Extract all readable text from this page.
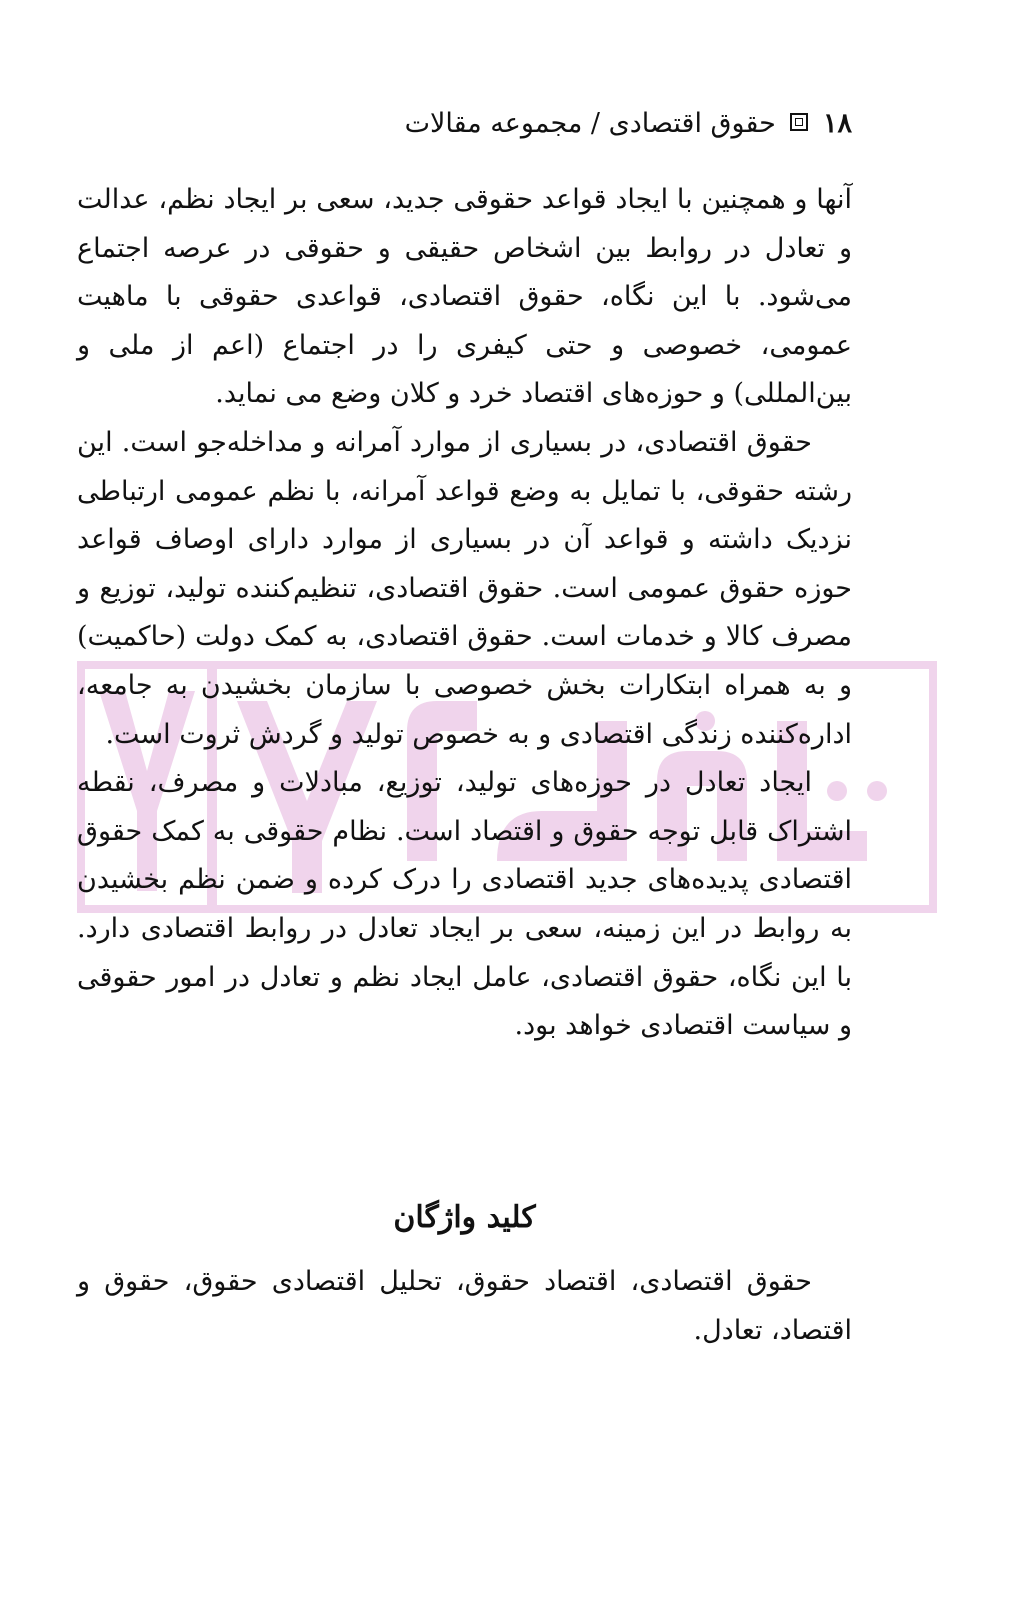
۱۸  حقوق اقتصادی / مجموعه مقالات

آنها و همچنین با ایجاد قواعد حقوقی جدید، سعی بر ایجاد نظم، عدالت و تعادل در روابط بین اشخاص حقیقی و حقوقی در عرصه اجتماع می‌شود. با این نگاه، حقوق اقتصادی، قواعدی حقوقی با ماهیت عمومی، خصوصی و حتی کیفری را در اجتماع (اعم از ملی و بین‌المللی) و حوزه‌های اقتصاد خرد و کلان وضع می نماید.

حقوق اقتصادی، در بسیاری از موارد آمرانه و مداخله‌جو است. این رشته حقوقی، با تمایل به وضع قواعد آمرانه، با نظم عمومی ارتباطی نزدیک داشته و قواعد آن در بسیاری از موارد دارای اوصاف قواعد حوزه حقوق عمومی است. حقوق اقتصادی، تنظیم‌کننده تولید، توزیع و مصرف کالا و خدمات است. حقوق اقتصادی، به کمک دولت (حاکمیت) و به همراه ابتکارات بخش خصوصی با سازمان بخشیدن به جامعه، اداره‌کننده زندگی اقتصادی و به خصوص تولید و گردش ثروت است.

ایجاد تعادل در حوزه‌های تولید، توزیع، مبادلات و مصرف، نقطه اشتراک قابل توجه حقوق و اقتصاد است. نظام حقوقی به کمک حقوق اقتصادی پدیده‌های جدید اقتصادی را درک کرده و ضمن نظم بخشیدن به روابط در این زمینه، سعی بر ایجاد تعادل در روابط اقتصادی دارد. با این نگاه، حقوق اقتصادی، عامل ایجاد نظم و تعادل در امور حقوقی و سیاست اقتصادی خواهد بود.

کلید واژگان

حقوق اقتصادی، اقتصاد حقوق، تحلیل اقتصادی حقوق، حقوق و اقتصاد، تعادل.
